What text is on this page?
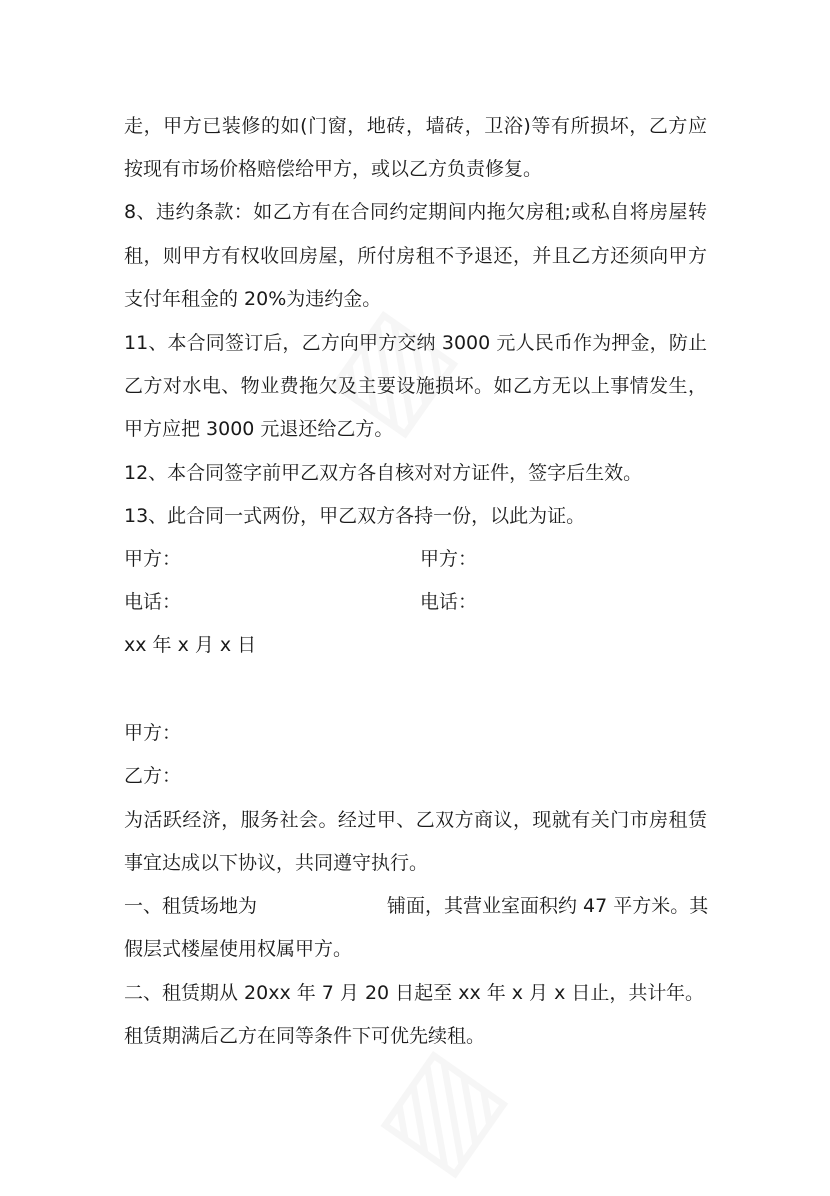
走，甲方已装修的如(门窗，地砖，墙砖，卫浴)等有所损坏，乙方应
按现有市场价格赔偿给甲方，或以乙方负责修复。
8、违约条款：如乙方有在合同约定期间内拖欠房租;或私自将房屋转
租，则甲方有权收回房屋，所付房租不予退还，并且乙方还须向甲方
支付年租金的 20%为违约金。
11、本合同签订后，乙方向甲方交纳 3000 元人民币作为押金，防止
乙方对水电、物业费拖欠及主要设施损坏。如乙方无以上事情发生，
甲方应把 3000 元退还给乙方。
12、本合同签字前甲乙双方各自核对对方证件，签字后生效。
13、此合同一式两份，甲乙双方各持一份，以此为证。
甲方：	甲方：
电话：	电话：
xx 年 x 月 x 日
甲方：
乙方：
为活跃经济，服务社会。经过甲、乙双方商议，现就有关门市房租赁
事宜达成以下协议，共同遵守执行。
一、租赁场地为	铺面，其营业室面积约 47 平方米。其
假层式楼屋使用权属甲方。
二、租赁期从 20xx 年 7 月 20 日起至 xx 年 x 月 x 日止，共计 年。
租赁期满后乙方在同等条件下可优先续租。
